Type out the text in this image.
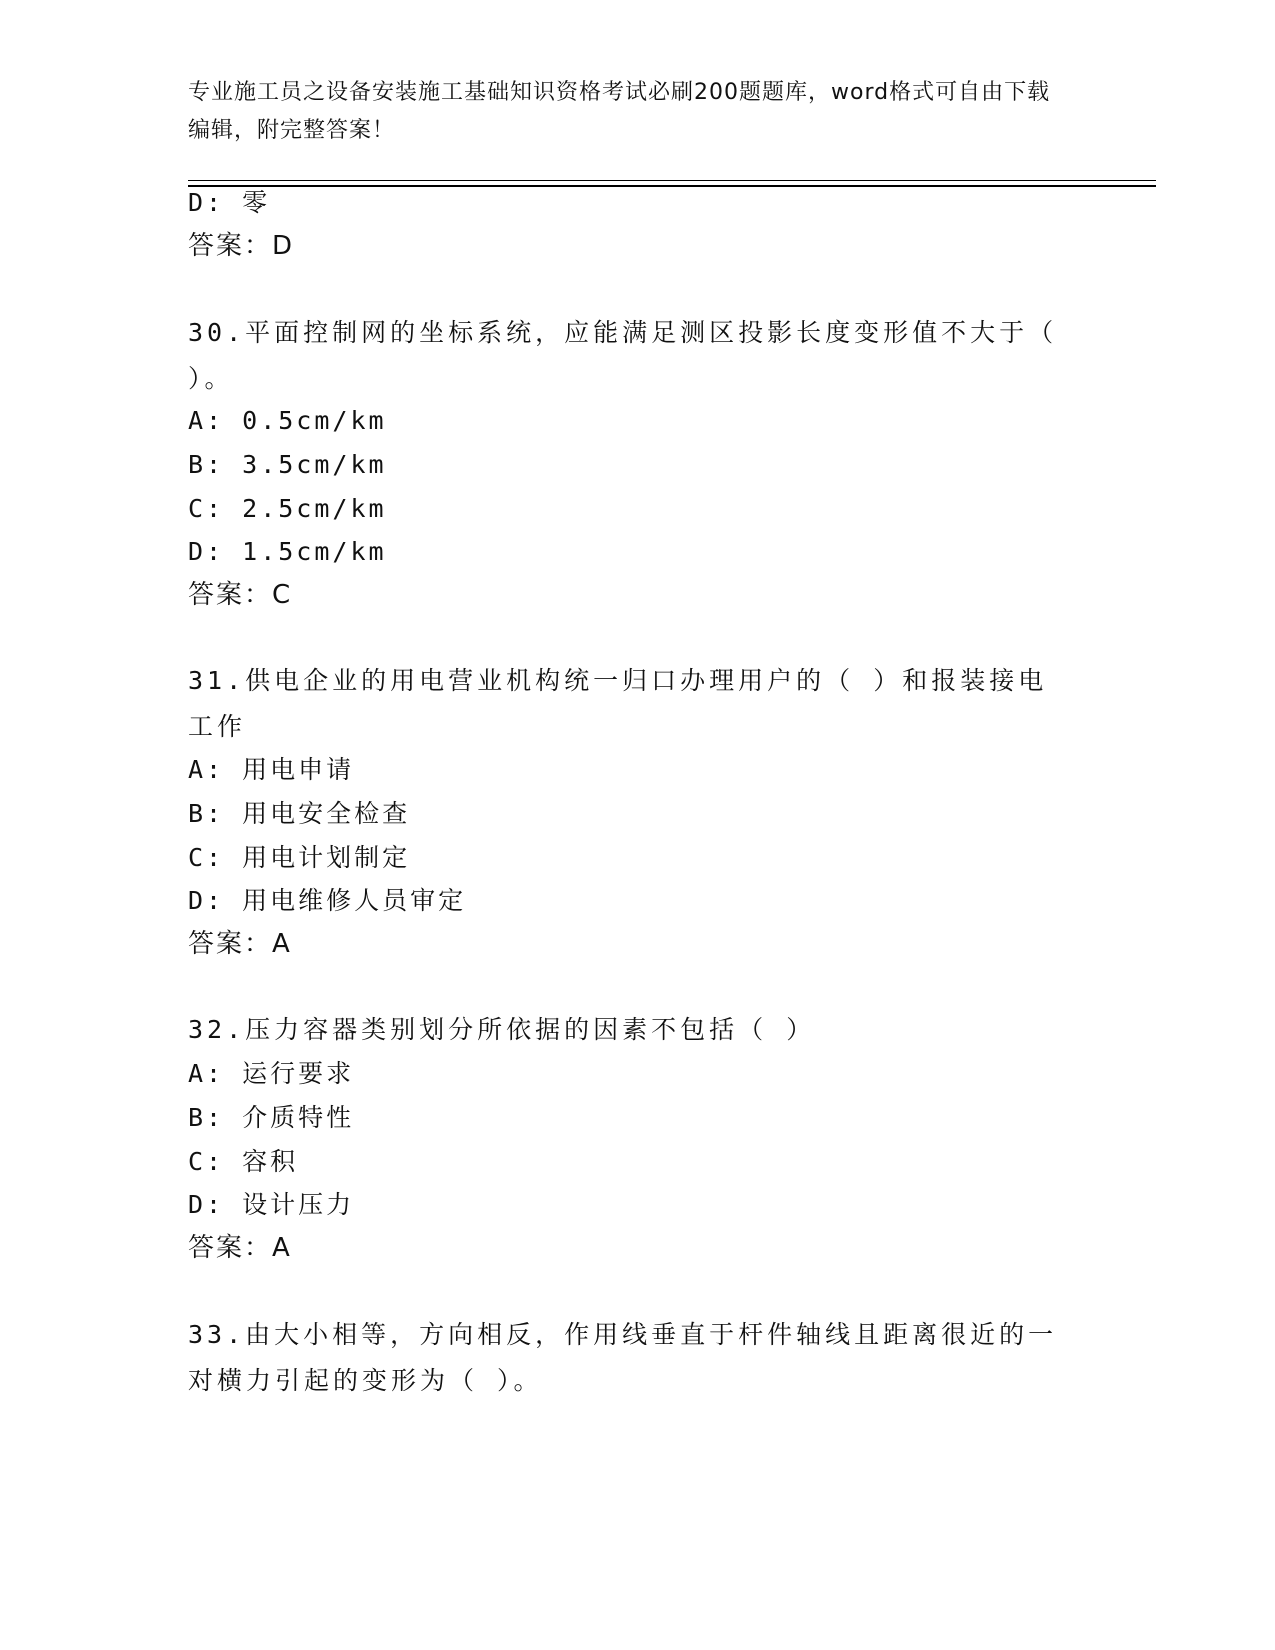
专业施工员之设备安装施工基础知识资格考试必刷200题题库，word格式可自由下载编辑，附完整答案！
D: 零
答案：D
30.平面控制网的坐标系统，应能满足测区投影长度变形值不大于（ ）。
A: 0.5cm/km
B: 3.5cm/km
C: 2.5cm/km
D: 1.5cm/km
答案：C
31.供电企业的用电营业机构统一归口办理用户的（ ）和报装接电工作
A: 用电申请
B: 用电安全检查
C: 用电计划制定
D: 用电维修人员审定
答案：A
32.压力容器类别划分所依据的因素不包括（ ）
A: 运行要求
B: 介质特性
C: 容积
D: 设计压力
答案：A
33.由大小相等，方向相反，作用线垂直于杆件轴线且距离很近的一对横力引起的变形为（ ）。
